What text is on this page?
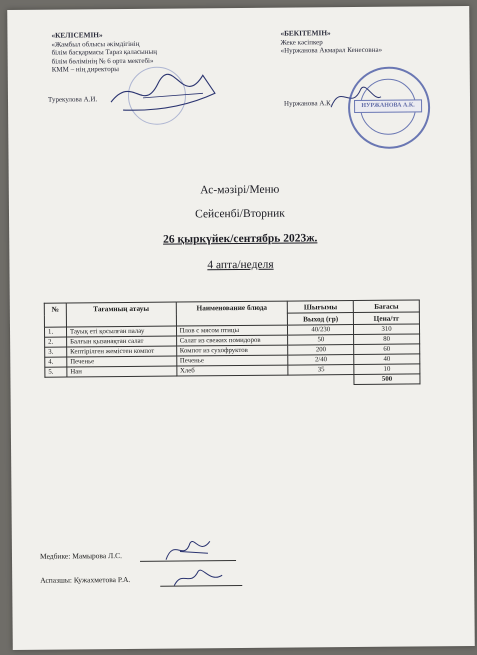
«КЕЛІСЕМІН»
«Жамбыл облысы әкімдігінің
білім басқармасы Тараз қаласының
білім бөлімінің № 6 орта мектебі»
КММ – нің директоры
Турекулова А.И.
«БЕКІТЕМІН»
Жеке кәсіпкер
«Нуржанова Акмарал Кенесовна»
Нуржанова А.К.	НУРЖАНОВА А.К.
Ас-мәзірі/Меню
Сейсенбі/Вторник
26 қыркүйек/сентябрь 2023ж.
4 апта/неделя
№	Тағамның атауы	Наименование блюда	Шығымы	Бағасы
			Выход (гр)	Цена/тг
1.	Тауық еті қосылған палау	Плов с мясом птицы	40/230	310
2.	Балғын қызанақтан салат	Салат из свежих помидоров	50	80
3.	Кептірілген жемістен компот	Компот из сухофруктов	200	60
4.	Печенье	Печенье	2/40	40
5.	Нан	Хлеб	35	10
				500
Медбике: Мамырова Л.С.
Аспазшы: Кужахметова Р.А.
